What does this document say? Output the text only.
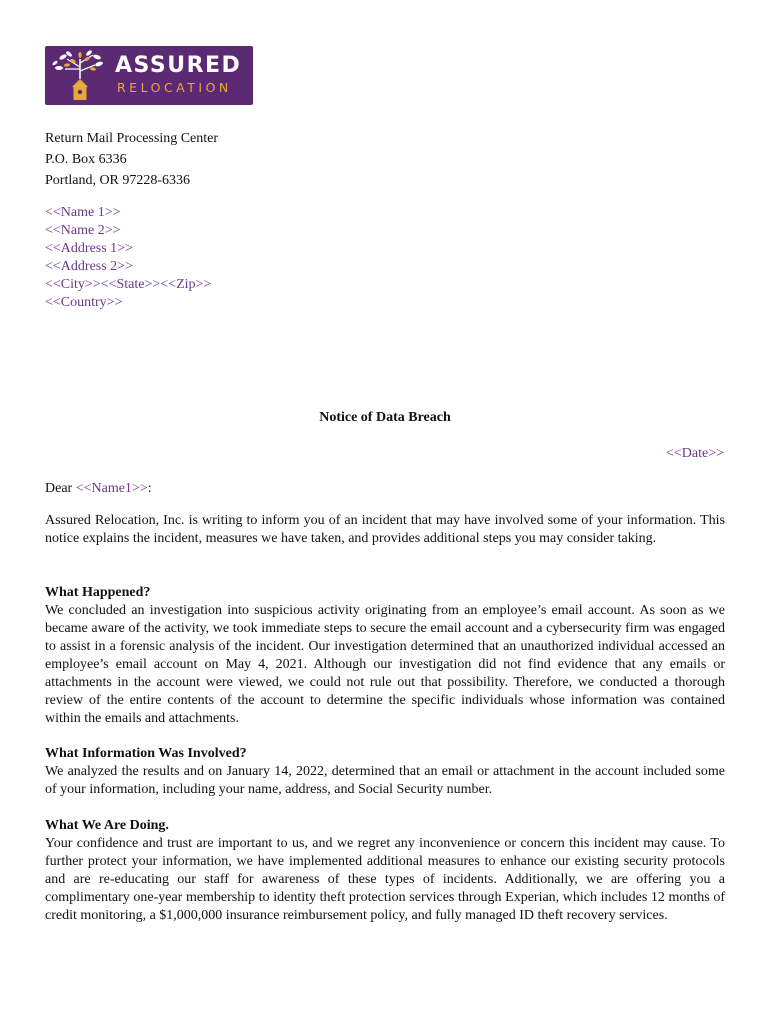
ASSURED
RELOCATION
Return Mail Processing Center
P.O. Box 6336
Portland, OR 97228-6336
<<Name 1>>
<<Name 2>>
<<Address 1>>
<<Address 2>>
<<City>><<State>><<Zip>>
<<Country>>
Notice of Data Breach
<<Date>>
Dear <<Name1>>:
Assured Relocation, Inc. is writing to inform you of an incident that may have involved some of your information. This notice explains the incident, measures we have taken, and provides additional steps you may consider taking.
What Happened?
We concluded an investigation into suspicious activity originating from an employee’s email account. As soon as we became aware of the activity, we took immediate steps to secure the email account and a cybersecurity firm was engaged to assist in a forensic analysis of the incident. Our investigation determined that an unauthorized individual accessed an employee’s email account on May 4, 2021. Although our investigation did not find evidence that any emails or attachments in the account were viewed, we could not rule out that possibility. Therefore, we conducted a thorough review of the entire contents of the account to determine the specific individuals whose information was contained within the emails and attachments.
What Information Was Involved?
We analyzed the results and on January 14, 2022, determined that an email or attachment in the account included some of your information, including your name, address, and Social Security number.
What We Are Doing.
Your confidence and trust are important to us, and we regret any inconvenience or concern this incident may cause. To further protect your information, we have implemented additional measures to enhance our existing security protocols and are re-educating our staff for awareness of these types of incidents. Additionally, we are offering you a complimentary one-year membership to identity theft protection services through Experian, which includes 12 months of credit monitoring, a $1,000,000 insurance reimbursement policy, and fully managed ID theft recovery services.
